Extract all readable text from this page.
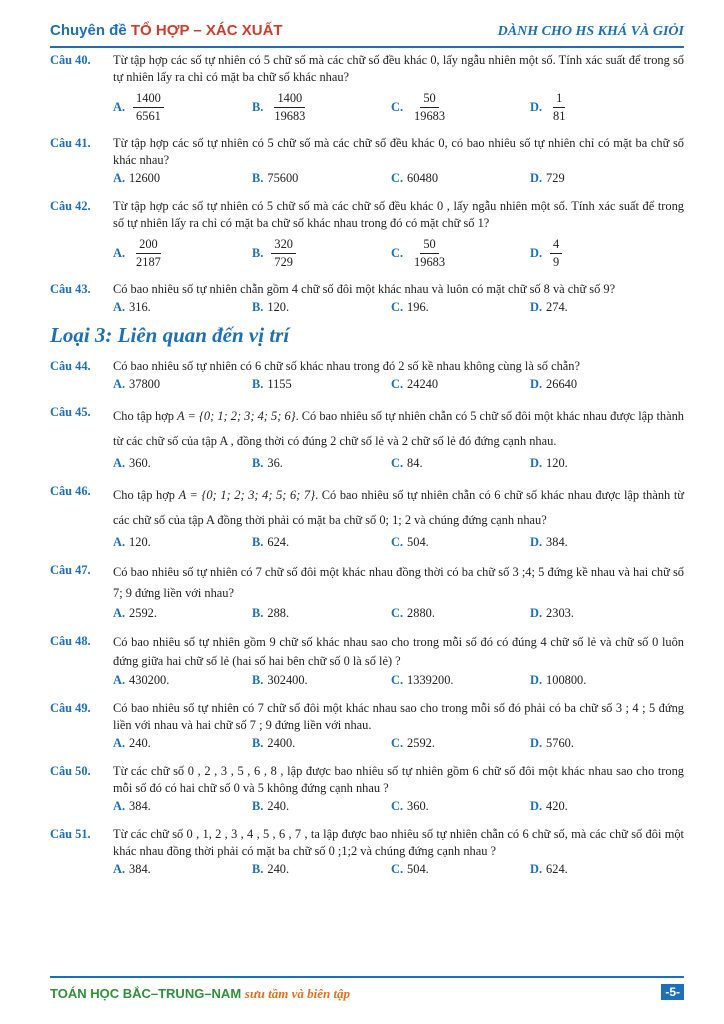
Chuyên đề TỔ HỢP – XÁC XUẤT	DÀNH CHO HS KHÁ VÀ GIỎI
Câu 40. Từ tập hợp các số tự nhiên có 5 chữ số mà các chữ số đều khác 0, lấy ngẫu nhiên một số. Tính xác suất để trong số tự nhiên lấy ra chỉ có mặt ba chữ số khác nhau?
A. $\frac{1400}{6561}$	B. $\frac{1400}{19683}$	C. $\frac{50}{19683}$	D. $\frac{1}{81}$
Câu 41. Từ tập hợp các số tự nhiên có 5 chữ số mà các chữ số đều khác 0, có bao nhiêu số tự nhiên chỉ có mặt ba chữ số khác nhau?
A. 12600	B. 75600	C. 60480	D. 729
Câu 42. Từ tập hợp các số tự nhiên có 5 chữ số mà các chữ số đều khác 0 , lấy ngẫu nhiên một số. Tính xác suất để trong số tự nhiên lấy ra chỉ có mặt ba chữ số khác nhau trong đó có mặt chữ số 1?
A. $\frac{200}{2187}$	B. $\frac{320}{729}$	C. $\frac{50}{19683}$	D. $\frac{4}{9}$
Câu 43. Có bao nhiêu số tự nhiên chẵn gồm 4 chữ số đôi một khác nhau và luôn có mặt chữ số 8 và chữ số 9?
A. 316.	B. 120.	C. 196.	D. 274.
Loại 3: Liên quan đến vị trí
Câu 44. Có bao nhiêu số tự nhiên có 6 chữ số khác nhau trong đó 2 số kề nhau không cùng là số chẵn?
A. 37800	B. 1155	C. 24240	D. 26640
Câu 45. Cho tập hợp A = {0; 1; 2; 3; 4; 5; 6}. Có bao nhiêu số tự nhiên chẵn có 5 chữ số đôi một khác nhau được lập thành từ các chữ số của tập A , đồng thời có đúng 2 chữ số lẻ và 2 chữ số lẻ đó đứng cạnh nhau.
A. 360.	B. 36.	C. 84.	D. 120.
Câu 46. Cho tập hợp A = {0; 1; 2; 3; 4; 5; 6; 7}. Có bao nhiêu số tự nhiên chẵn có 6 chữ số khác nhau được lập thành từ các chữ số của tập A đồng thời phải có mặt ba chữ số 0; 1; 2 và chúng đứng cạnh nhau?
A. 120.	B. 624.	C. 504.	D. 384.
Câu 47. Có bao nhiêu số tự nhiên có 7 chữ số đôi một khác nhau đồng thời có ba chữ số 3 ;4; 5 đứng kề nhau và hai chữ số 7; 9 đứng liền với nhau?
A. 2592.	B. 288.	C. 2880.	D. 2303.
Câu 48. Có bao nhiêu số tự nhiên gồm 9 chữ số khác nhau sao cho trong mỗi số đó có đúng 4 chữ số lẻ và chữ số 0 luôn đứng giữa hai chữ số lẻ (hai số hai bên chữ số 0 là số lẻ) ?
A. 430200.	B. 302400.	C. 1339200.	D. 100800.
Câu 49. Có bao nhiêu số tự nhiên có 7 chữ số đôi một khác nhau sao cho trong mỗi số đó phải có ba chữ số 3 ; 4 ; 5 đứng liền với nhau và hai chữ số 7 ; 9 đứng liền với nhau.
A. 240.	B. 2400.	C. 2592.	D. 5760.
Câu 50. Từ các chữ số 0 , 2 , 3 , 5 , 6 , 8 , lập được bao nhiêu số tự nhiên gồm 6 chữ số đôi một khác nhau sao cho trong mỗi số đó có hai chữ số 0 và 5 không đứng cạnh nhau ?
A. 384.	B. 240.	C. 360.	D. 420.
Câu 51. Từ các chữ số 0 , 1, 2 , 3 , 4 , 5 , 6 , 7 , ta lập được bao nhiêu số tự nhiên chẵn có 6 chữ số, mà các chữ số đôi một khác nhau đồng thời phải có mặt ba chữ số 0 ;1;2 và chúng đứng cạnh nhau ?
A. 384.	B. 240.	C. 504.	D. 624.
TOÁN HỌC BẮC–TRUNG–NAM sưu tầm và biên tập	-5-
